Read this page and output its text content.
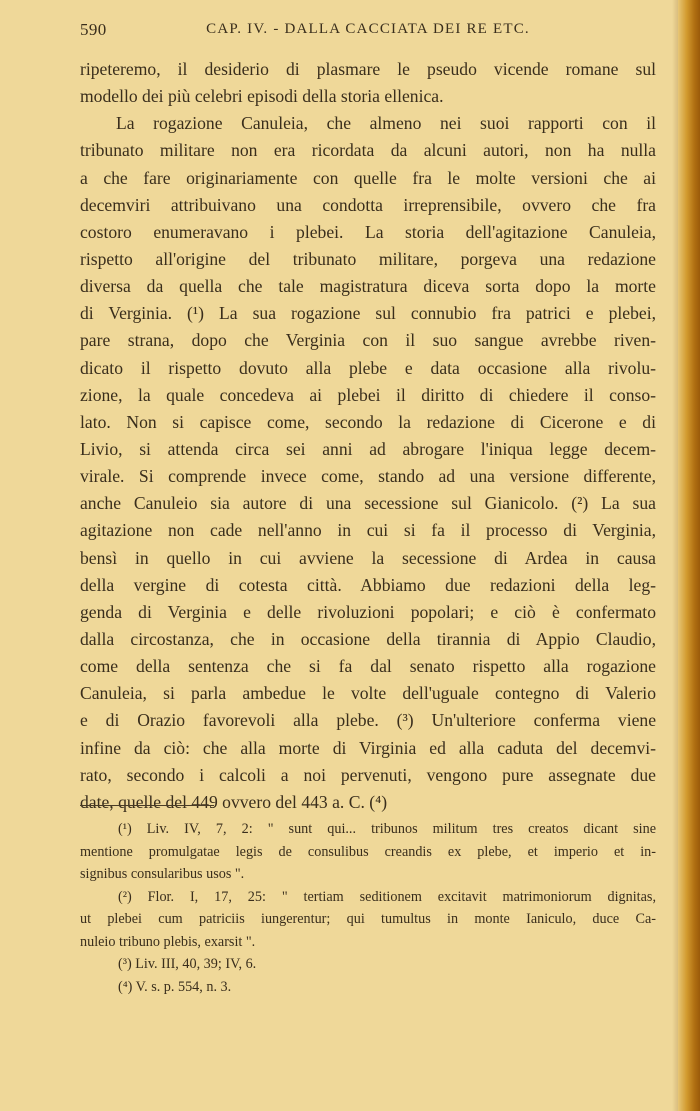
590	CAP. IV. - DALLA CACCIATA DEI RE ETC.
ripeteremo, il desiderio di plasmare le pseudo vicende romane sul
modello dei più celebri episodi della storia ellenica.
La rogazione Canuleia, che almeno nei suoi rapporti con il
tribunato militare non era ricordata da alcuni autori, non ha nulla
a che fare originariamente con quelle fra le molte versioni che ai
decemviri attribuivano una condotta irreprensibile, ovvero che fra
costoro enumeravano i plebei. La storia dell'agitazione Canuleia,
rispetto all'origine del tribunato militare, porgeva una redazione
diversa da quella che tale magistratura diceva sorta dopo la morte
di Verginia. (¹) La sua rogazione sul connubio fra patrici e plebei,
pare strana, dopo che Verginia con il suo sangue avrebbe riven-
dicato il rispetto dovuto alla plebe e data occasione alla rivolu-
zione, la quale concedeva ai plebei il diritto di chiedere il conso-
lato. Non si capisce come, secondo la redazione di Cicerone e di
Livio, si attenda circa sei anni ad abrogare l'iniqua legge decem-
virale. Si comprende invece come, stando ad una versione differente,
anche Canuleio sia autore di una secessione sul Gianicolo. (²) La sua
agitazione non cade nell'anno in cui si fa il processo di Verginia,
bensì in quello in cui avviene la secessione di Ardea in causa
della vergine di cotesta città. Abbiamo due redazioni della leg-
genda di Verginia e delle rivoluzioni popolari; e ciò è confermato
dalla circostanza, che in occasione della tirannia di Appio Claudio,
come della sentenza che si fa dal senato rispetto alla rogazione
Canuleia, si parla ambedue le volte dell'uguale contegno di Valerio
e di Orazio favorevoli alla plebe. (³) Un'ulteriore conferma viene
infine da ciò: che alla morte di Virginia ed alla caduta del decemvi-
rato, secondo i calcoli a noi pervenuti, vengono pure assegnate due
date, quelle del 449 ovvero del 443 a. C. (⁴)
(¹) Liv. IV, 7, 2: " sunt qui... tribunos militum tres creatos dicant sine
mentione promulgatae legis de consulibus creandis ex plebe, et imperio et in-
signibus consularibus usos ".
(²) Flor. I, 17, 25: " tertiam seditionem excitavit matrimoniorum dignitas,
ut plebei cum patriciis iungerentur; qui tumultus in monte Ianiculo, duce Ca-
nuleio tribuno plebis, exarsit ".
(³) Liv. III, 40, 39; IV, 6.
(⁴) V. s. p. 554, n. 3.
